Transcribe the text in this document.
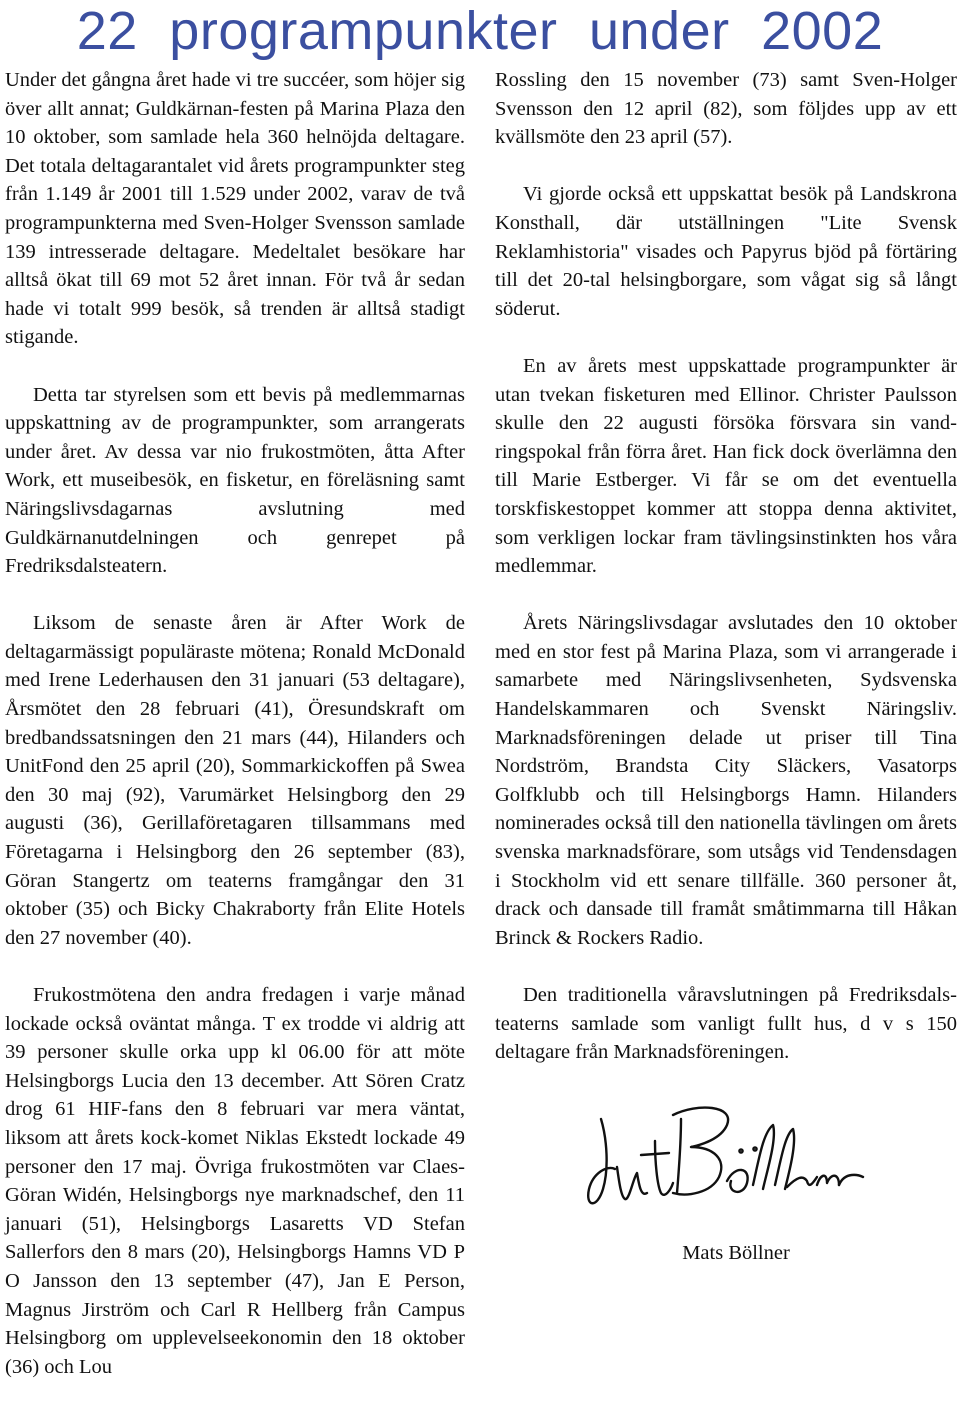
22 programpunkter under 2002

Under det gångna året hade vi tre succéer, som höjer sig över allt annat; Guldkärnan-festen på Marina Plaza den 10 oktober, som samlade hela 360 helnöjda deltagare. Det totala deltagarantalet vid årets programpunkter steg från 1.149 år 2001 till 1.529 under 2002, varav de två programpunkterna med Sven-Holger Svensson samlade 139 intresserade deltagare. Medeltalet besökare har alltså ökat till 69 mot 52 året innan. För två år sedan hade vi totalt 999 besök, så trenden är alltså stadigt stigande.

Detta tar styrelsen som ett bevis på medlemmarnas uppskattning av de programpunkter, som arrangerats under året. Av dessa var nio frukostmöten, åtta After Work, ett museibesök, en fisketur, en föreläsning samt Näringslivsdagarnas avslutning med Guldkärnanutdelningen och genrepet på Fredriksdalsteatern.

Liksom de senaste åren är After Work de deltagarmässigt populäraste mötena; Ronald McDonald med Irene Lederhausen den 31 januari (53 deltagare), Årsmötet den 28 februari (41), Öresundskraft om bredbandssatsningen den 21 mars (44), Hilanders och UnitFond den 25 april (20), Sommarkickoffen på Swea den 30 maj (92), Varumärket Helsingborg den 29 augusti (36), Gerillaföretagaren tillsammans med Företagarna i Helsingborg den 26 september (83), Göran Stangertz om teaterns framgångar den 31 oktober (35) och Bicky Chakraborty från Elite Hotels den 27 november (40).

Frukostmötena den andra fredagen i varje månad lockade också oväntat många. T ex trodde vi aldrig att 39 personer skulle orka upp kl 06.00 för att möte Helsingborgs Lucia den 13 december. Att Sören Cratz drog 61 HIF-fans den 8 februari var mera väntat, liksom att årets kock-komet Niklas Ekstedt lockade 49 personer den 17 maj. Övriga frukostmöten var Claes-Göran Widén, Helsingborgs nye marknadschef, den 11 januari (51), Helsingborgs Lasaretts VD Stefan Sallerfors den 8 mars (20), Helsingborgs Hamns VD P O Jansson den 13 september (47), Jan E Person, Magnus Jirström och Carl R Hellberg från Campus Helsingborg om upplevelseekonomin den 18 oktober (36) och Lou

Rossling den 15 november (73) samt Sven-Holger Svensson den 12 april (82), som följdes upp av ett kvällsmöte den 23 april (57).

Vi gjorde också ett uppskattat besök på Landskrona Konsthall, där utställningen "Lite Svensk Reklamhistoria" visades och Papyrus bjöd på förtäring till det 20-tal helsingborgare, som vågat sig så långt söderut.

En av årets mest uppskattade programpunkter är utan tvekan fisketuren med Ellinor. Christer Paulsson skulle den 22 augusti försöka försvara sin vandringspokal från förra året. Han fick dock överlämna den till Marie Estberger. Vi får se om det eventuella torskfiskestoppet kommer att stoppa denna aktivitet, som verkligen lockar fram tävlingsinstinkten hos våra medlemmar.

Årets Näringslivsdagar avslutades den 10 oktober med en stor fest på Marina Plaza, som vi arrangerade i samarbete med Näringslivsenheten, Sydsvenska Handelskammaren och Svenskt Näringsliv. Marknadsföreningen delade ut priser till Tina Nordström, Brandsta City Släckers, Vasatorps Golfklubb och till Helsingborgs Hamn. Hilanders nominerades också till den nationella tävlingen om årets svenska marknadsförare, som utsågs vid Tendensdagen i Stockholm vid ett senare tillfälle. 360 personer åt, drack och dansade till framåt småtimmarna till Håkan Brinck & Rockers Radio.

Den traditionella våravslutningen på Fredriksdalsteaterns samlade som vanligt fullt hus, d v s 150 deltagare från Marknadsföreningen.

Mats Böllner
